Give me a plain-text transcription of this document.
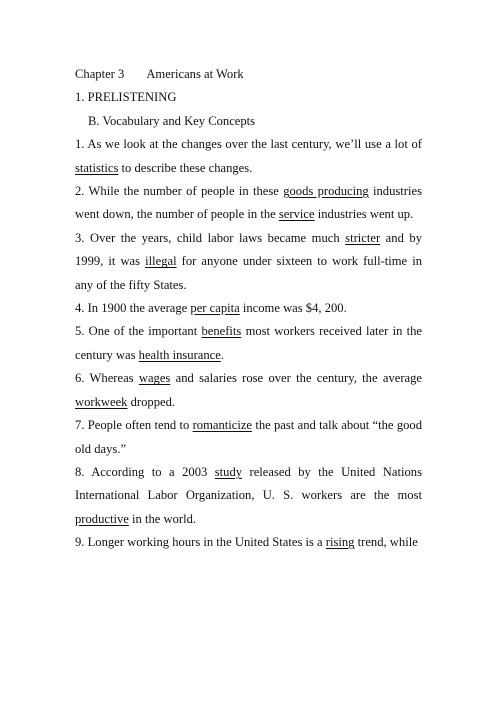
Chapter 3 Americans at Work
1. PRELISTENING
B. Vocabulary and Key Concepts
1. As we look at the changes over the last century, we’ll use a lot of statistics to describe these changes.
2. While the number of people in these goods producing industries went down, the number of people in the service industries went up.
3. Over the years, child labor laws became much stricter and by 1999, it was illegal for anyone under sixteen to work full-time in any of the fifty States.
4. In 1900 the average per capita income was $4, 200.
5. One of the important benefits most workers received later in the century was health insurance.
6. Whereas wages and salaries rose over the century, the average workweek dropped.
7. People often tend to romanticize the past and talk about “the good old days.”
8. According to a 2003 study released by the United Nations International Labor Organization, U. S. workers are the most productive in the world.
9. Longer working hours in the United States is a rising trend, while
